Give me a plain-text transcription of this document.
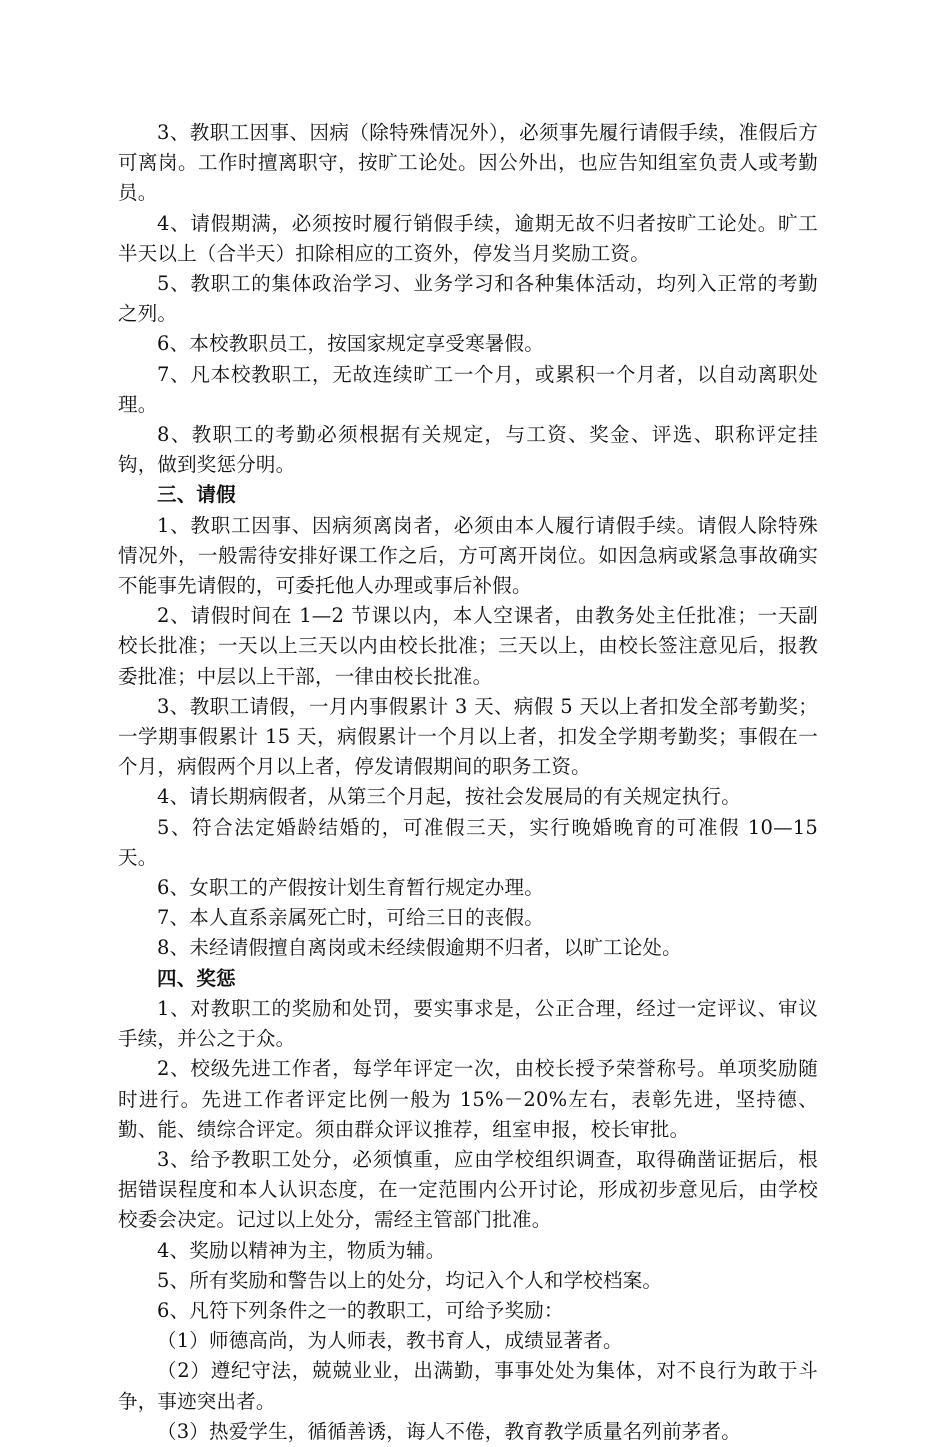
3、教职工因事、因病（除特殊情况外），必须事先履行请假手续，准假后方可离岗。工作时擅离职守，按旷工论处。因公外出，也应告知组室负责人或考勤员。

4、请假期满，必须按时履行销假手续，逾期无故不归者按旷工论处。旷工半天以上（合半天）扣除相应的工资外，停发当月奖励工资。

5、教职工的集体政治学习、业务学习和各种集体活动，均列入正常的考勤之列。

6、本校教职员工，按国家规定享受寒暑假。

7、凡本校教职工，无故连续旷工一个月，或累积一个月者，以自动离职处理。

8、教职工的考勤必须根据有关规定，与工资、奖金、评选、职称评定挂钩，做到奖惩分明。

三、请假

1、教职工因事、因病须离岗者，必须由本人履行请假手续。请假人除特殊情况外，一般需待安排好课工作之后，方可离开岗位。如因急病或紧急事故确实不能事先请假的，可委托他人办理或事后补假。

2、请假时间在 1—2 节课以内，本人空课者，由教务处主任批准；一天副校长批准；一天以上三天以内由校长批准；三天以上，由校长签注意见后，报教委批准；中层以上干部，一律由校长批准。

3、教职工请假，一月内事假累计 3 天、病假 5 天以上者扣发全部考勤奖；一学期事假累计 15 天，病假累计一个月以上者，扣发全学期考勤奖；事假在一个月，病假两个月以上者，停发请假期间的职务工资。

4、请长期病假者，从第三个月起，按社会发展局的有关规定执行。

5、符合法定婚龄结婚的，可准假三天，实行晚婚晚育的可准假 10—15 天。

6、女职工的产假按计划生育暂行规定办理。

7、本人直系亲属死亡时，可给三日的丧假。

8、未经请假擅自离岗或未经续假逾期不归者，以旷工论处。

四、奖惩

1、对教职工的奖励和处罚，要实事求是，公正合理，经过一定评议、审议手续，并公之于众。

2、校级先进工作者，每学年评定一次，由校长授予荣誉称号。单项奖励随时进行。先进工作者评定比例一般为 15%－20%左右，表彰先进，坚持德、勤、能、绩综合评定。须由群众评议推荐，组室申报，校长审批。

3、给予教职工处分，必须慎重，应由学校组织调查，取得确凿证据后，根据错误程度和本人认识态度，在一定范围内公开讨论，形成初步意见后，由学校校委会决定。记过以上处分，需经主管部门批准。

4、奖励以精神为主，物质为辅。

5、所有奖励和警告以上的处分，均记入个人和学校档案。

6、凡符下列条件之一的教职工，可给予奖励：

（1）师德高尚，为人师表，教书育人，成绩显著者。

（2）遵纪守法，兢兢业业，出满勤，事事处处为集体，对不良行为敢于斗争，事迹突出者。

（3）热爱学生，循循善诱，诲人不倦，教育教学质量名列前茅者。
